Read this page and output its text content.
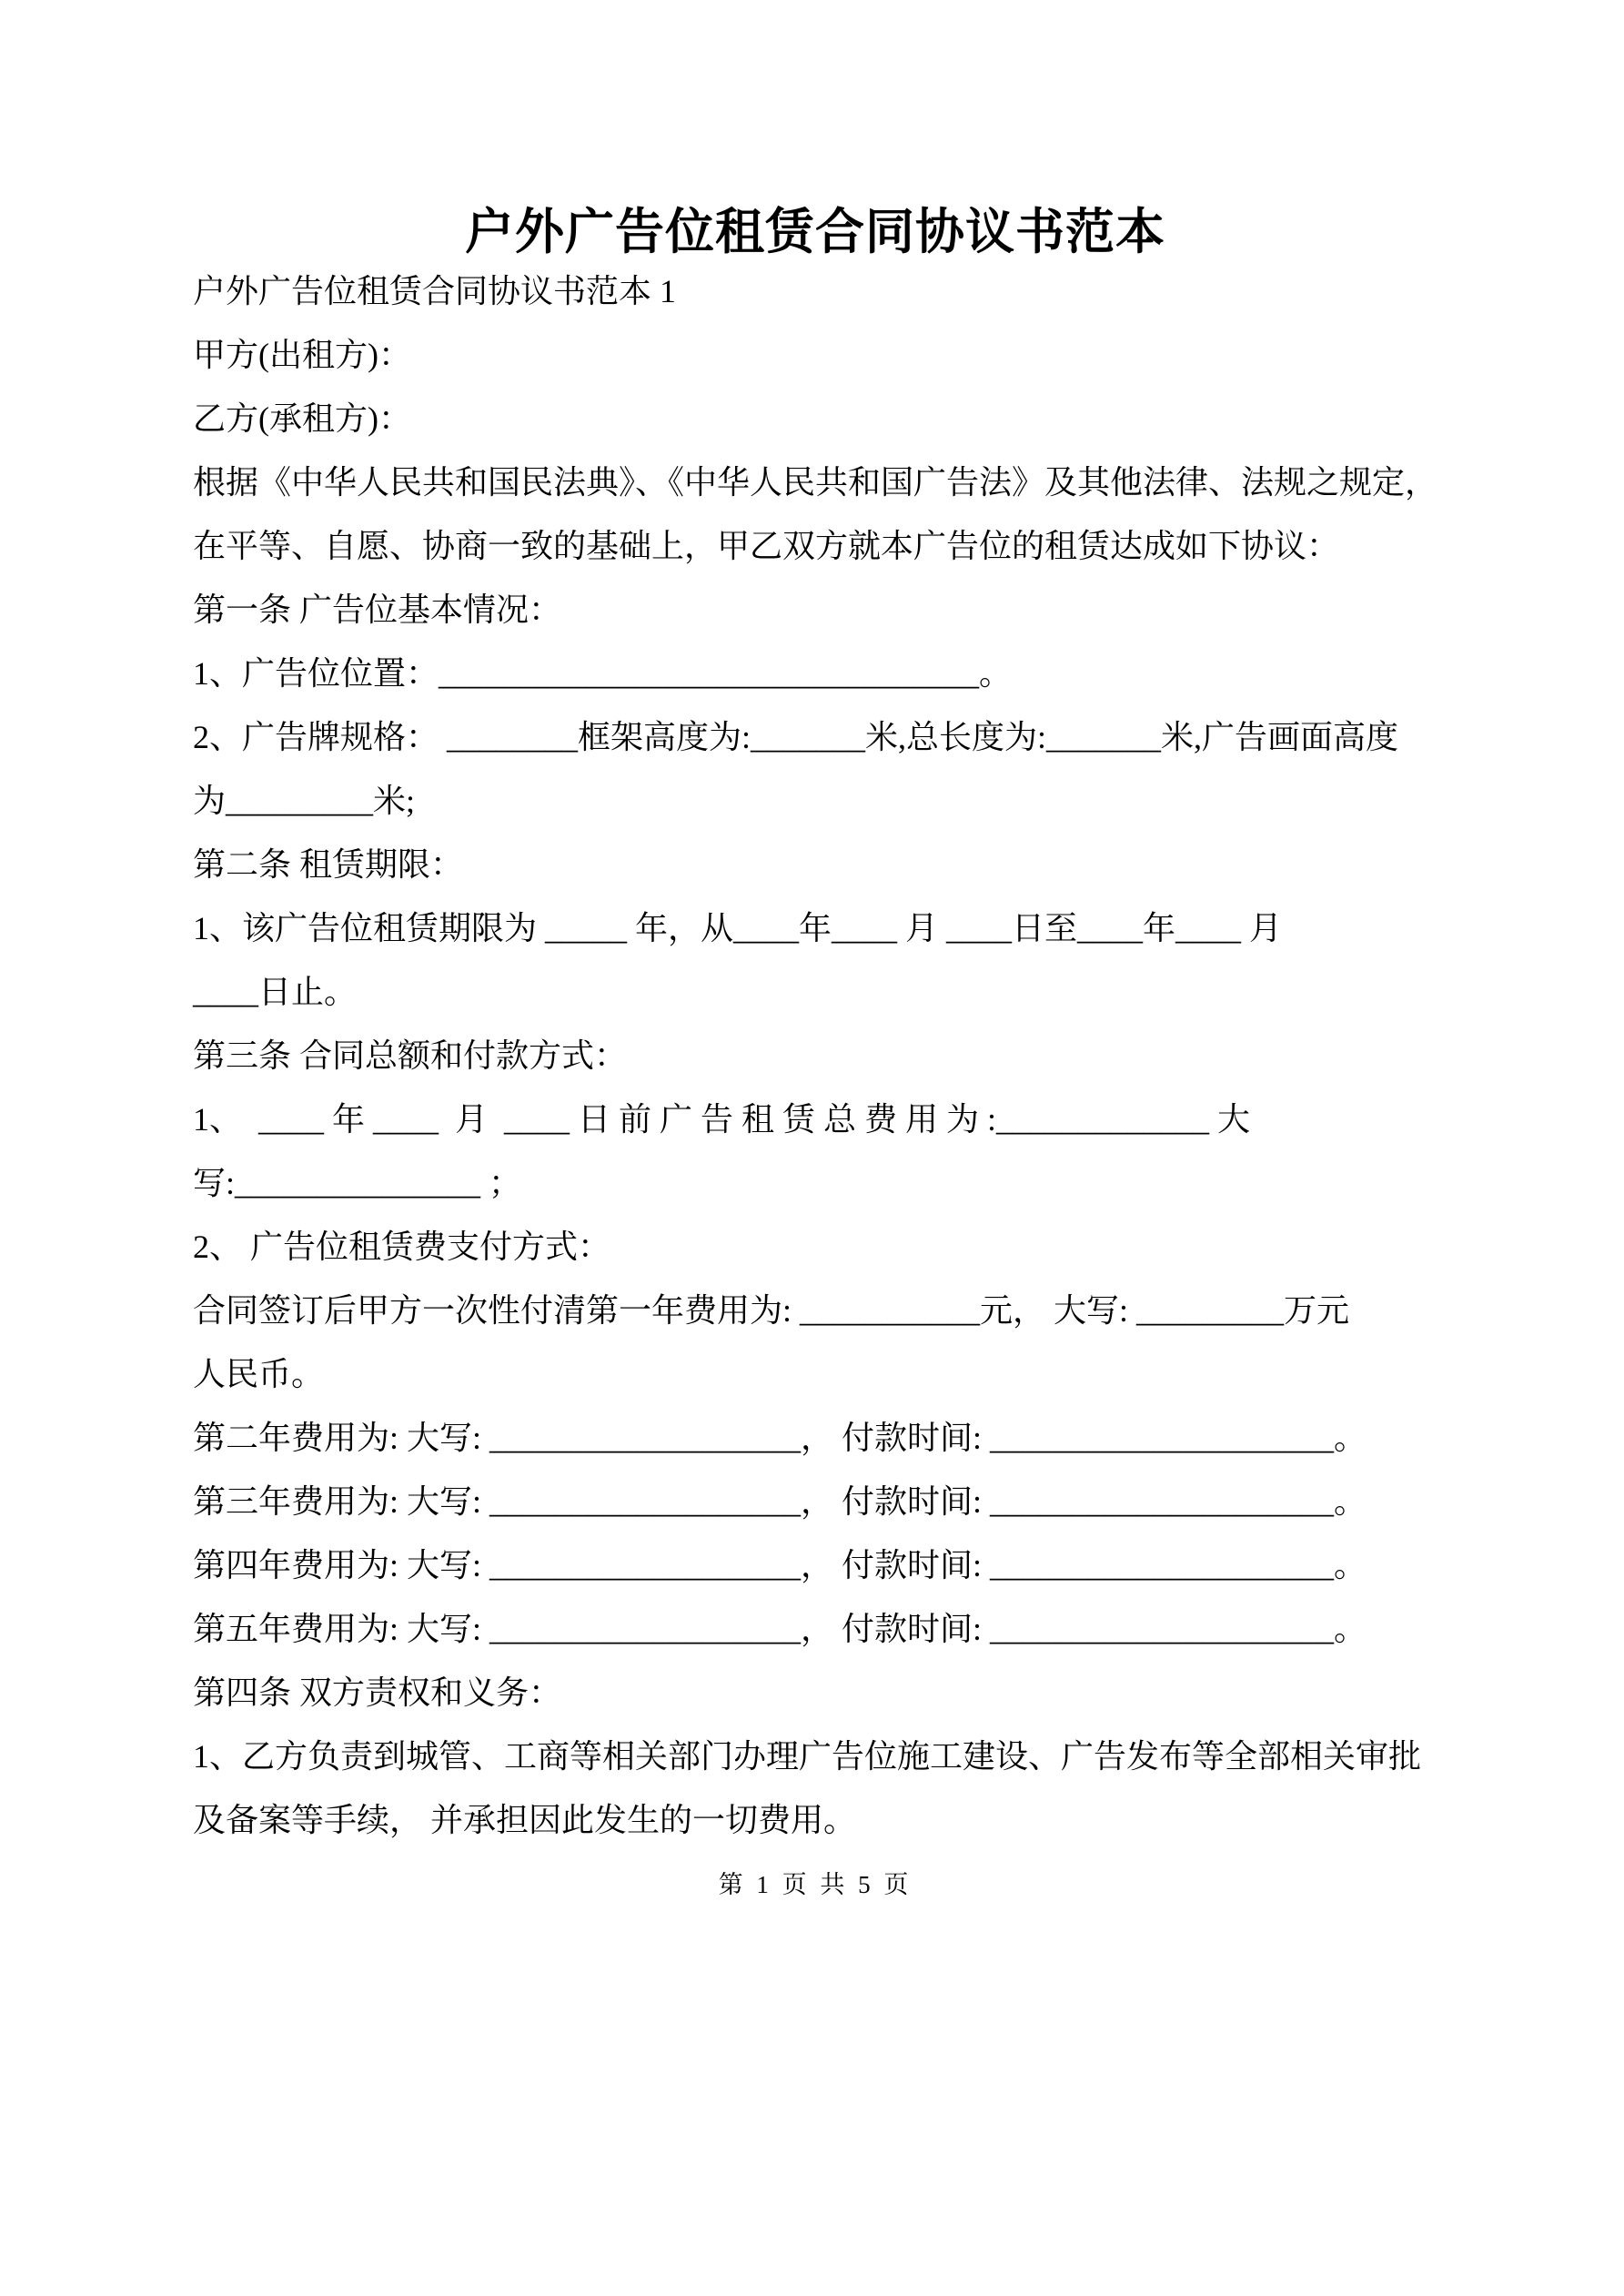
户外广告位租赁合同协议书范本

户外广告位租赁合同协议书范本 1

甲方(出租方)：

乙方(承租方)：

根据《中华人民共和国民法典》、《中华人民共和国广告法》及其他法律、法规之规定，

在平等、自愿、协商一致的基础上，甲乙双方就本广告位的租赁达成如下协议：

第一条 广告位基本情况：

1、广告位位置：_________________________________。

2、广告牌规格： ________框架高度为:_______米,总长度为:_______米,广告画面高度

为_________米;

第二条 租赁期限：

1、该广告位租赁期限为 _____ 年，从____年____ 月 ____日至____年____ 月

____日止。

第三条 合同总额和付款方式：

1、  ____ 年 ____  月  ____ 日 前 广 告 租 赁 总 费 用 为 :_____________ 大

写:_______________ ；

2、 广告位租赁费支付方式：

合同签订后甲方一次性付清第一年费用为: ___________元， 大写: _________万元

人民币。

第二年费用为: 大写: ___________________， 付款时间: _____________________。

第三年费用为: 大写: ___________________， 付款时间: _____________________。

第四年费用为: 大写: ___________________， 付款时间: _____________________。

第五年费用为: 大写: ___________________， 付款时间: _____________________。

第四条 双方责权和义务：

1、乙方负责到城管、工商等相关部门办理广告位施工建设、广告发布等全部相关审批

及备案等手续， 并承担因此发生的一切费用。

第 1 页 共 5 页
